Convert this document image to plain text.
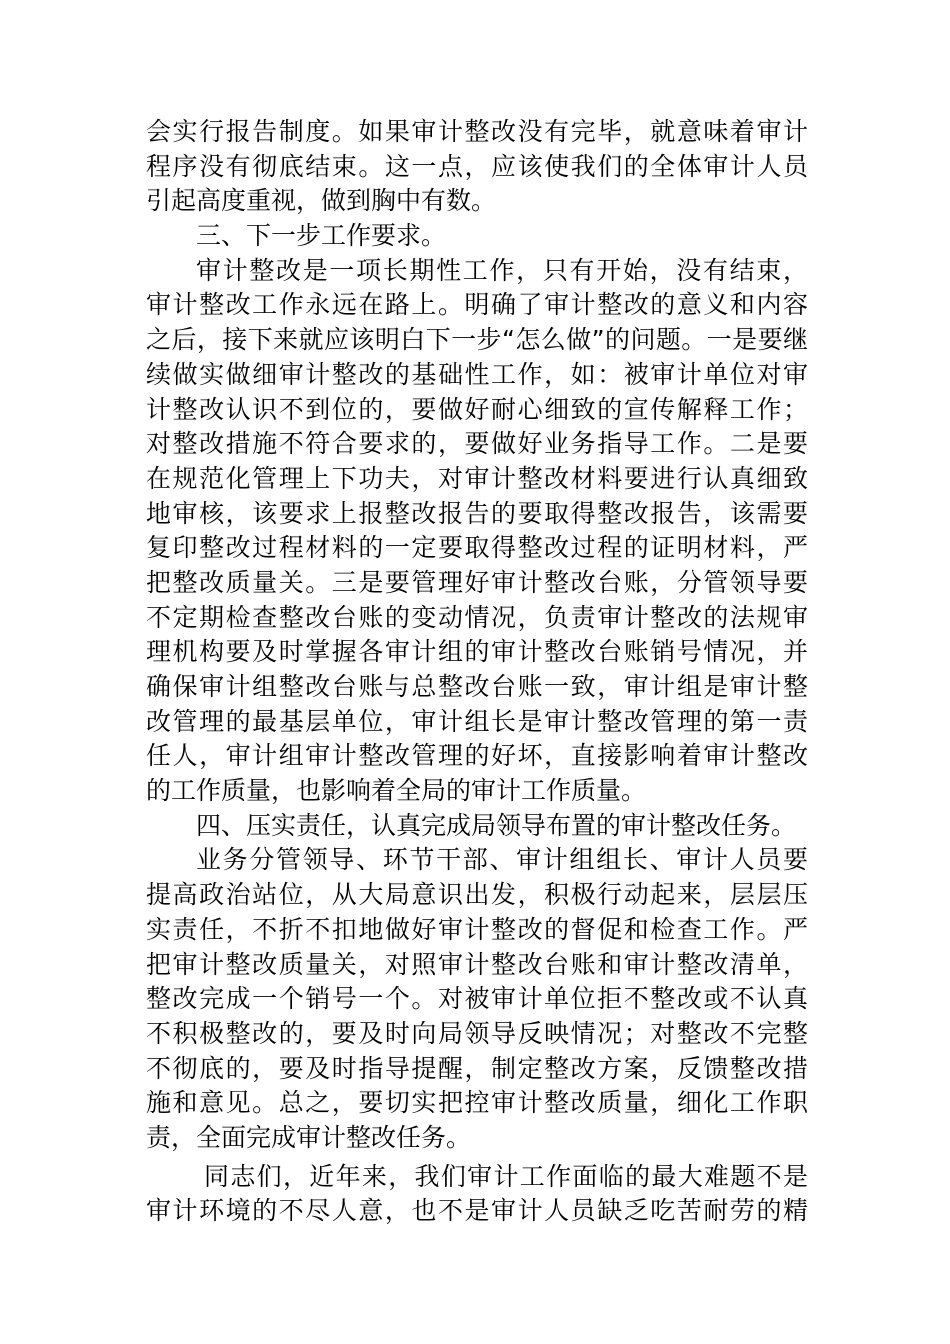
会实行报告制度。如果审计整改没有完毕，就意味着审计
程序没有彻底结束。这一点，应该使我们的全体审计人员
引起高度重视，做到胸中有数。
三、下一步工作要求。
审计整改是一项长期性工作，只有开始，没有结束，
审计整改工作永远在路上。明确了审计整改的意义和内容
之后，接下来就应该明白下一步“怎么做”的问题。一是要继
续做实做细审计整改的基础性工作，如：被审计单位对审
计整改认识不到位的，要做好耐心细致的宣传解释工作；
对整改措施不符合要求的，要做好业务指导工作。二是要
在规范化管理上下功夫，对审计整改材料要进行认真细致
地审核，该要求上报整改报告的要取得整改报告，该需要
复印整改过程材料的一定要取得整改过程的证明材料，严
把整改质量关。三是要管理好审计整改台账，分管领导要
不定期检查整改台账的变动情况，负责审计整改的法规审
理机构要及时掌握各审计组的审计整改台账销号情况，并
确保审计组整改台账与总整改台账一致，审计组是审计整
改管理的最基层单位，审计组长是审计整改管理的第一责
任人，审计组审计整改管理的好坏，直接影响着审计整改
的工作质量，也影响着全局的审计工作质量。
四、压实责任，认真完成局领导布置的审计整改任务。
业务分管领导、环节干部、审计组组长、审计人员要
提高政治站位，从大局意识出发，积极行动起来，层层压
实责任，不折不扣地做好审计整改的督促和检查工作。严
把审计整改质量关，对照审计整改台账和审计整改清单，
整改完成一个销号一个。对被审计单位拒不整改或不认真
不积极整改的，要及时向局领导反映情况；对整改不完整
不彻底的，要及时指导提醒，制定整改方案，反馈整改措
施和意见。总之，要切实把控审计整改质量，细化工作职
责，全面完成审计整改任务。
同志们，近年来，我们审计工作面临的最大难题不是
审计环境的不尽人意，也不是审计人员缺乏吃苦耐劳的精
